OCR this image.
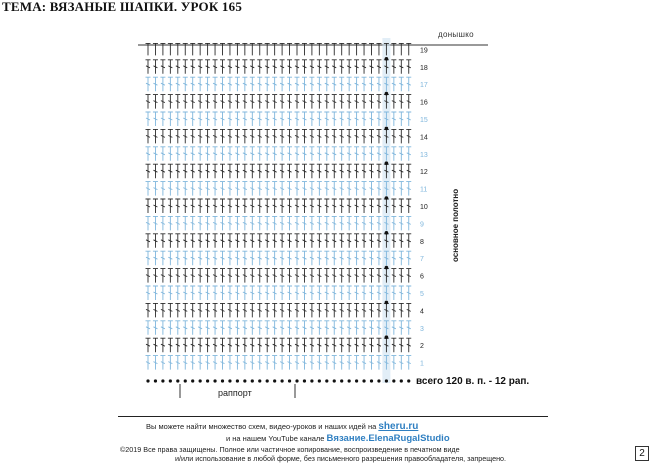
ТЕМА: ВЯЗАНЫЕ ШАПКИ. УРОК 165
1
2
3
4
5
6
7
8
9
10
11
12
13
14
15
16
17
18
19
донышко
основное полотно
раппорт
всего 120 в. п. - 12 рап.
Вы можете найти множество схем, видео-уроков и наших идей на sheru.ru
и на нашем YouTube канале Вязание.ElenaRugalStudio
©2019 Все права защищены. Полное или частичное копирование, воспроизведение в печатном виде
и/или использование в любой форме, без письменного разрешения правообладателя, запрещено.	2
